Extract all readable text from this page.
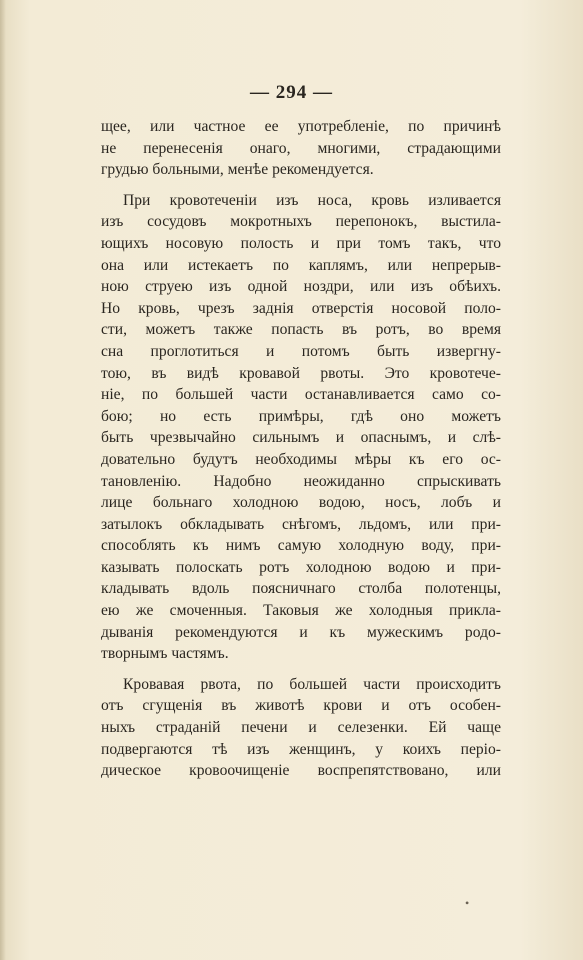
— 294 —
щее, или частное ее употребленіе, по причинѣ
не перенесенія онаго, многими, страдающими
грудью больными, менѣе рекомендуется.
При кровотеченіи изъ носа, кровь изливается
изъ сосудовъ мокротныхъ перепонокъ, выстила-
ющихъ носовую полость и при томъ такъ, что
она или истекаетъ по каплямъ, или непрерыв-
ною струею изъ одной ноздри, или изъ обѣихъ.
Но кровь, чрезъ заднія отверстія носовой поло-
сти, можетъ также попасть въ ротъ, во время
сна проглотиться и потомъ быть извергну-
тою, въ видѣ кровавой рвоты. Это кровотече-
ніе, по большей части останавливается само со-
бою; но есть примѣры, гдѣ оно можетъ
быть чрезвычайно сильнымъ и опаснымъ, и слѣ-
довательно будутъ необходимы мѣры къ его ос-
тановленію. Надобно неожиданно спрыскивать
лице больнаго холодною водою, носъ, лобъ и
затылокъ обкладывать снѣгомъ, льдомъ, или при-
способлять къ нимъ самую холодную воду, при-
казывать полоскать ротъ холодною водою и при-
кладывать вдоль поясничнаго столба полотенцы,
ею же смоченныя. Таковыя же холодныя прикла-
дыванія рекомендуются и къ мужескимъ родо-
творнымъ частямъ.
Кровавая рвота, по большей части происходитъ
отъ сгущенія въ животѣ крови и отъ особен-
ныхъ страданій печени и селезенки. Ей чаще
подвергаются тѣ изъ женщинъ, у коихъ періо-
дическое кровоочищеніе воспрепятствовано, или
•
